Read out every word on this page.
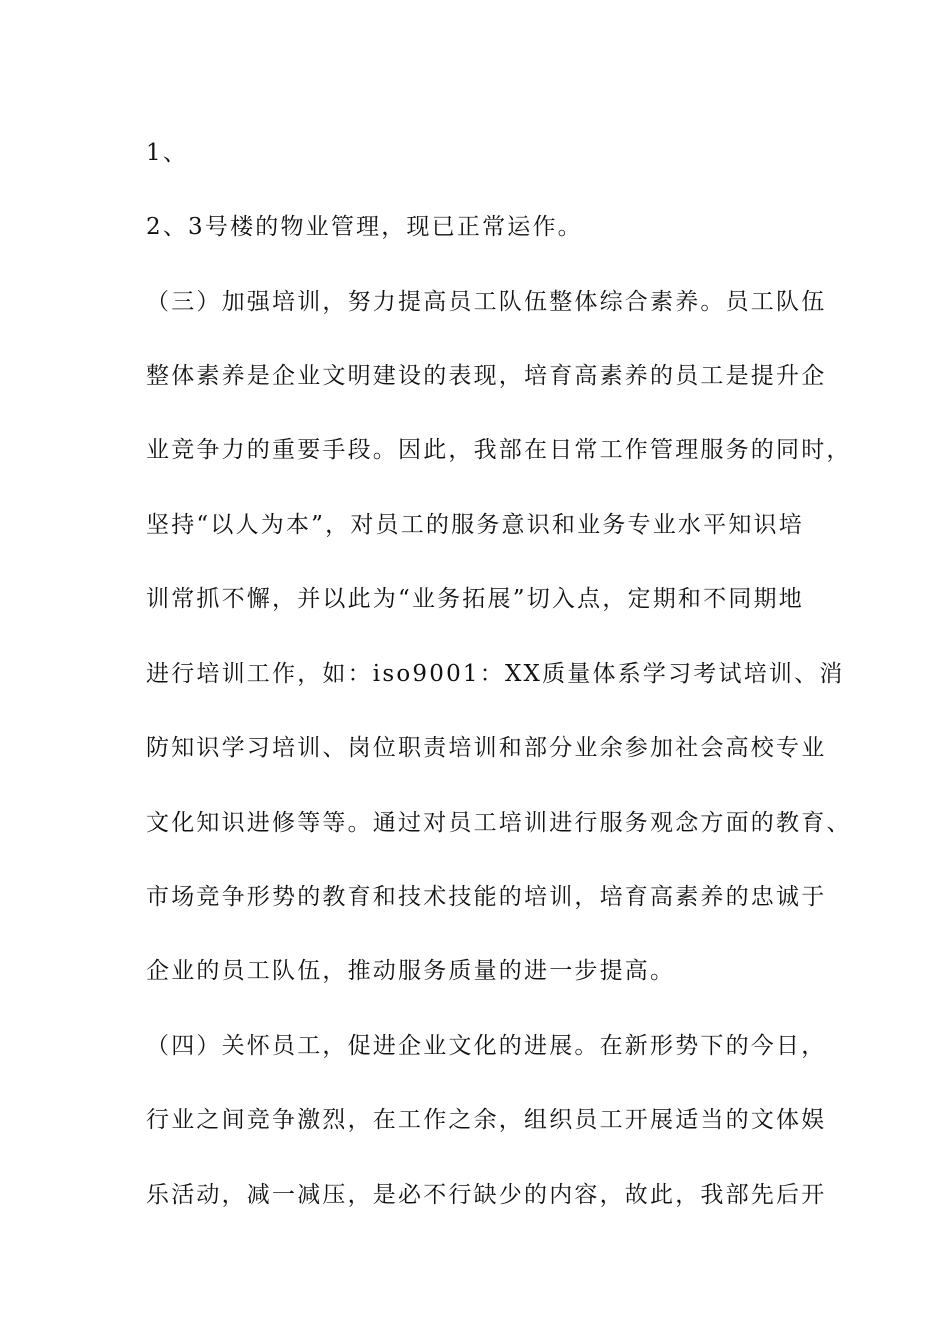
1、
2、3号楼的物业管理，现已正常运作。
（三）加强培训，努力提高员工队伍整体综合素养。员工队伍
整体素养是企业文明建设的表现，培育高素养的员工是提升企
业竞争力的重要手段。因此，我部在日常工作管理服务的同时，
坚持“以人为本”，对员工的服务意识和业务专业水平知识培
训常抓不懈，并以此为“业务拓展”切入点，定期和不同期地
进行培训工作，如：iso9001：XX质量体系学习考试培训、消
防知识学习培训、岗位职责培训和部分业余参加社会高校专业
文化知识进修等等。通过对员工培训进行服务观念方面的教育、
市场竞争形势的教育和技术技能的培训，培育高素养的忠诚于
企业的员工队伍，推动服务质量的进一步提高。
（四）关怀员工，促进企业文化的进展。在新形势下的今日，
行业之间竞争激烈，在工作之余，组织员工开展适当的文体娱
乐活动，减一减压，是必不行缺少的内容，故此，我部先后开
